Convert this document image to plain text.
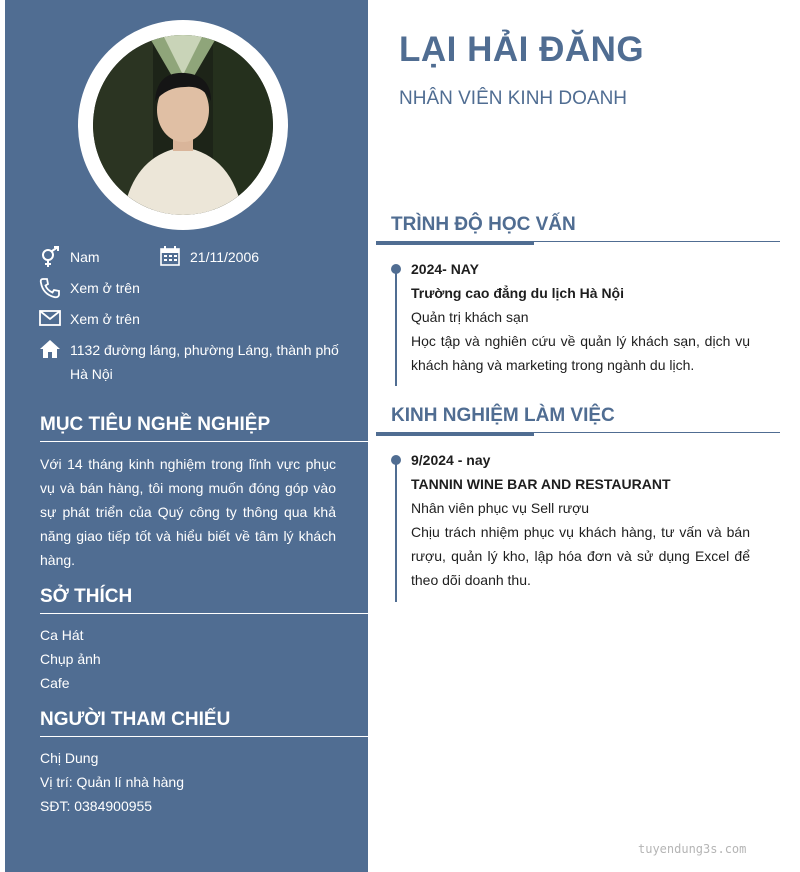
Nam	21/11/2006
Xem ở trên
Xem ở trên
1132 đường láng, phường Láng, thành phố Hà Nội
MỤC TIÊU NGHỀ NGHIỆP
Với 14 tháng kinh nghiệm trong lĩnh vực phục vụ và bán hàng, tôi mong muốn đóng góp vào sự phát triển của Quý công ty thông qua khả năng giao tiếp tốt và hiểu biết về tâm lý khách hàng.
SỞ THÍCH
Ca Hát
Chụp ảnh
Cafe
NGƯỜI THAM CHIẾU
Chị Dung
Vị trí: Quản lí nhà hàng
SĐT: 0384900955
LẠI HẢI ĐĂNG
NHÂN VIÊN KINH DOANH
TRÌNH ĐỘ HỌC VẤN
2024- NAY
Trường cao đẳng du lịch Hà Nội
Quản trị khách sạn
Học tập và nghiên cứu về quản lý khách sạn, dịch vụ khách hàng và marketing trong ngành du lịch.
KINH NGHIỆM LÀM VIỆC
9/2024 - nay
TANNIN WINE BAR AND RESTAURANT
Nhân viên phục vụ Sell rượu
Chịu trách nhiệm phục vụ khách hàng, tư vấn và bán rượu, quản lý kho, lập hóa đơn và sử dụng Excel để theo dõi doanh thu.
tuyendung3s.com
